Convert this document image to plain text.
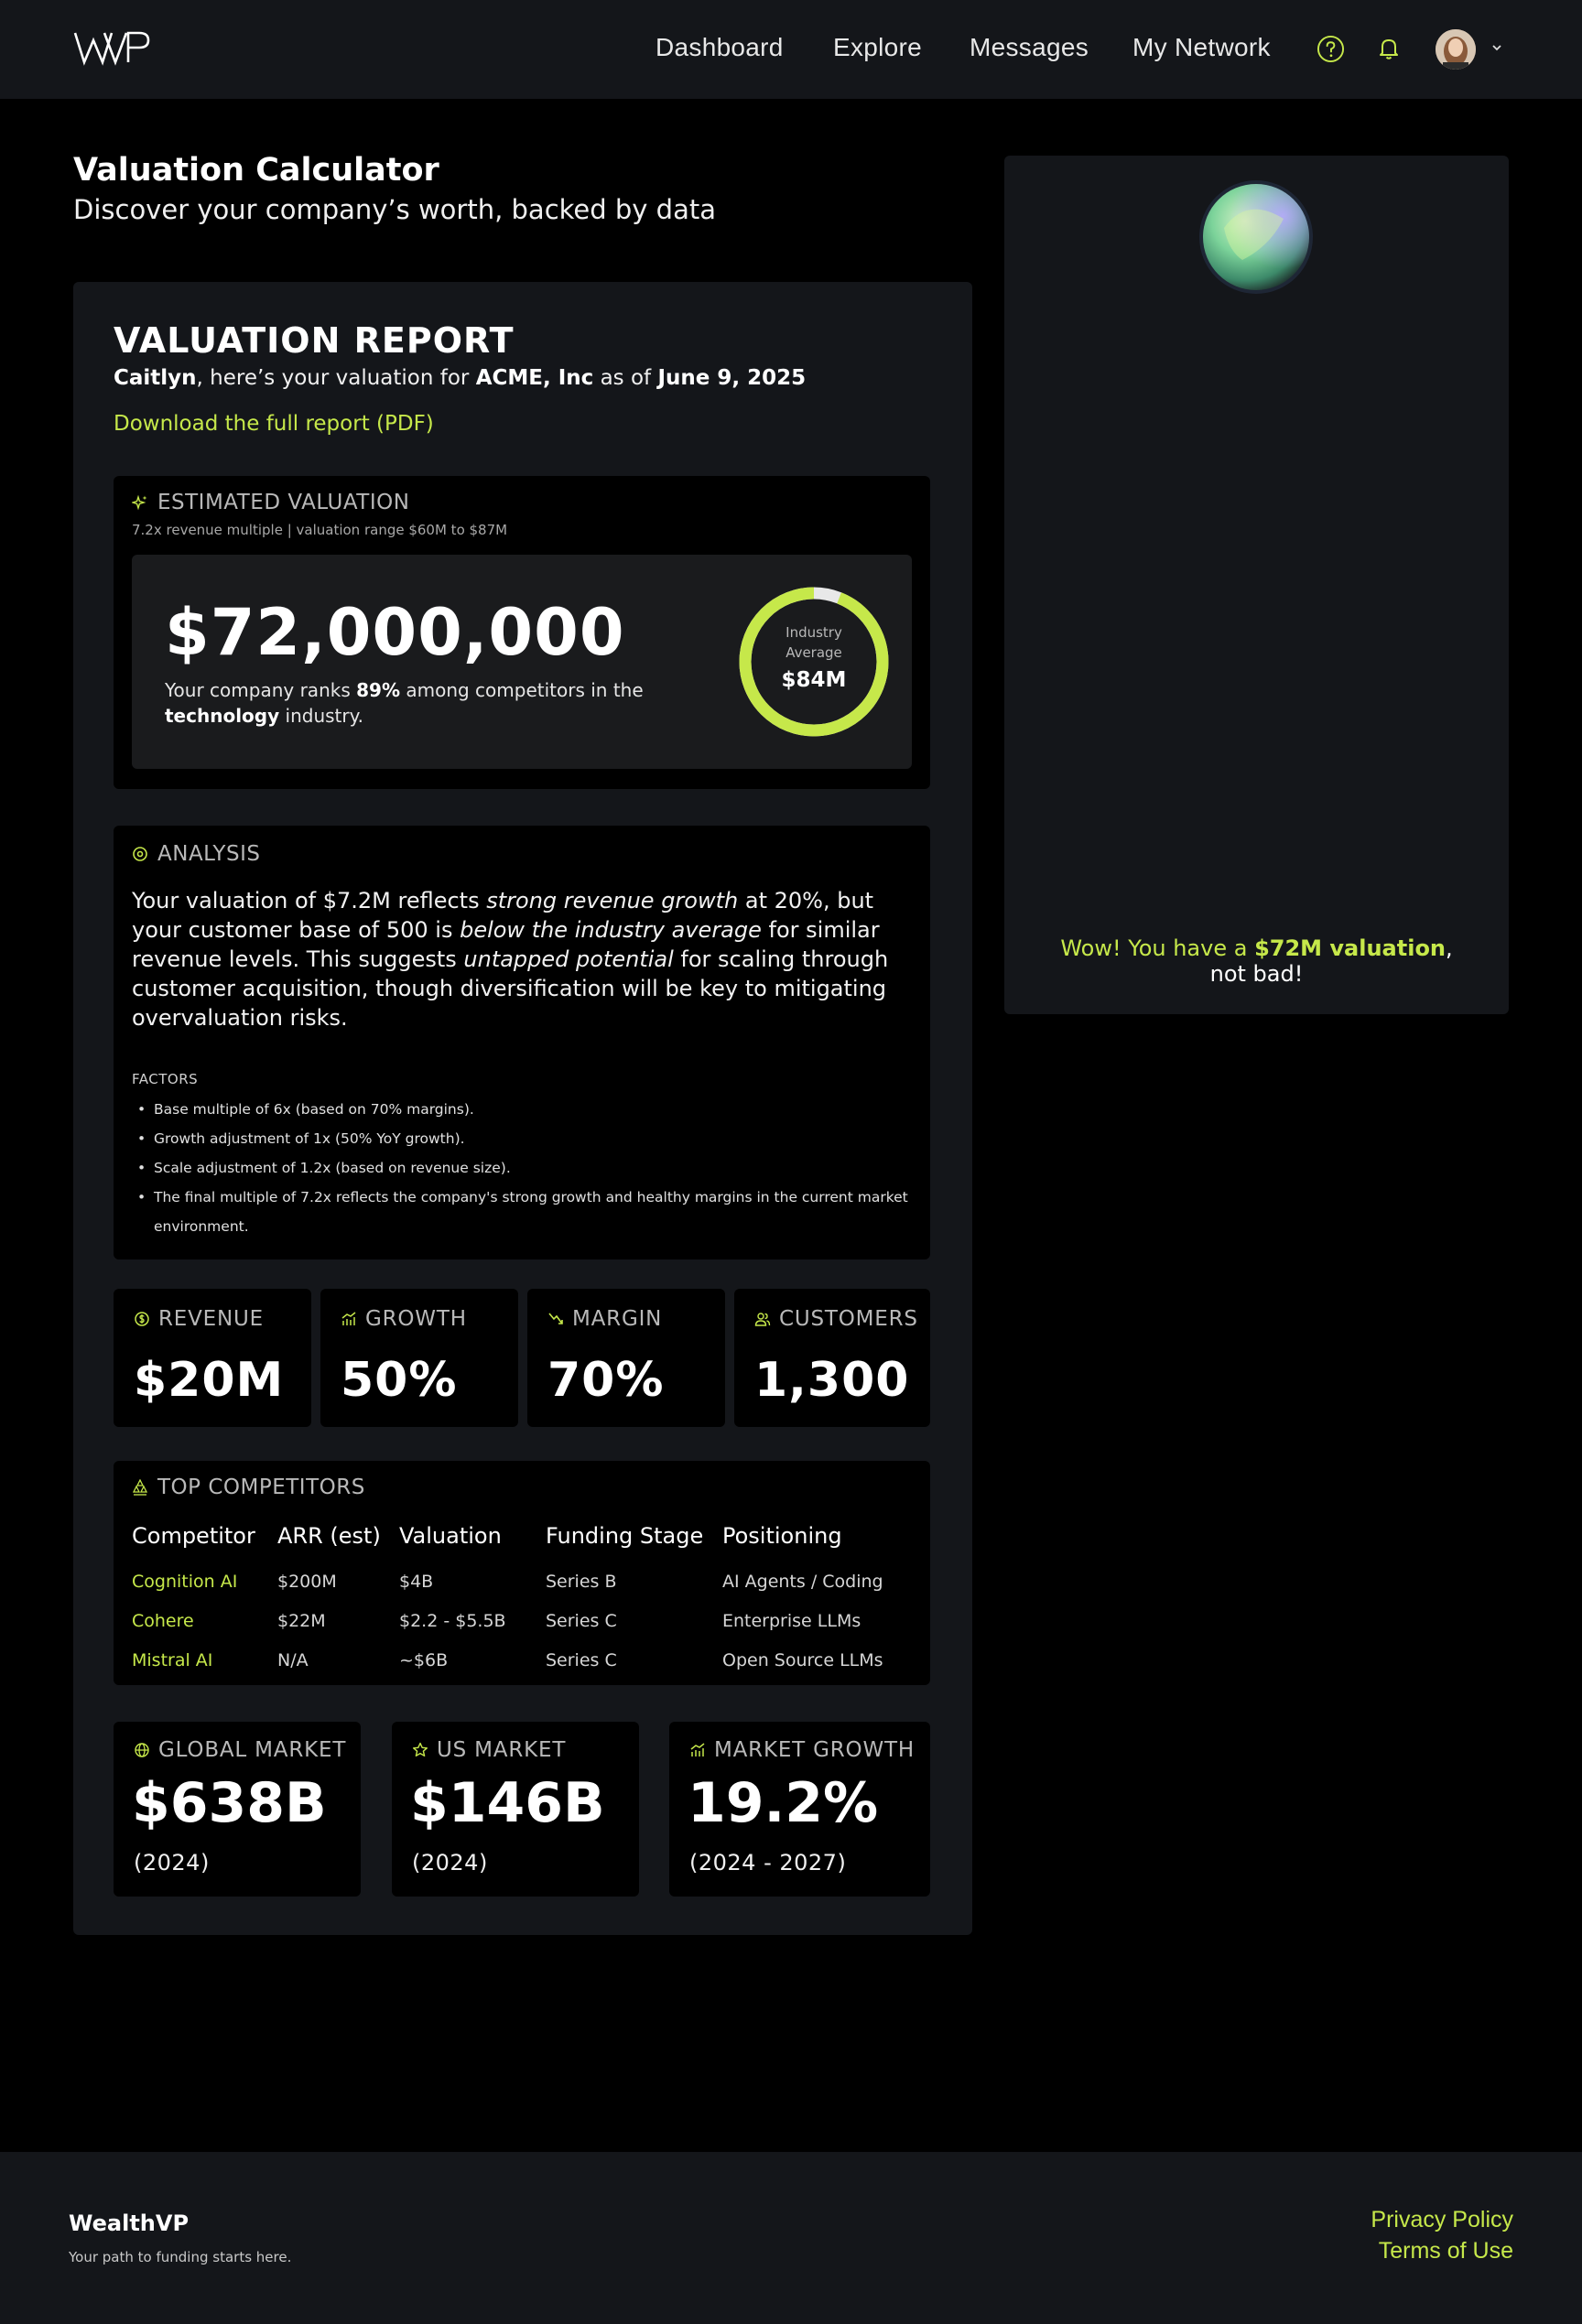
Dashboard Explore Messages My Network
Valuation Calculator
Discover your company’s worth, backed by data
VALUATION REPORT
Caitlyn, here’s your valuation for ACME, Inc as of June 9, 2025
Download the full report (PDF)
ESTIMATED VALUATION
7.2x revenue multiple | valuation range $60M to $87M
$72,000,000
Your company ranks 89% among competitors in the technology industry.
Industry
Average
$84M
ANALYSIS
Your valuation of $7.2M reflects strong revenue growth at 20%, but your customer base of 500 is below the industry average for similar revenue levels. This suggests untapped potential for scaling through customer acquisition, though diversification will be key to mitigating overvaluation risks.
FACTORS
• Base multiple of 6x (based on 70% margins).
• Growth adjustment of 1x (50% YoY growth).
• Scale adjustment of 1.2x (based on revenue size).
• The final multiple of 7.2x reflects the company's strong growth and healthy margins in the current market environment.
REVENUE
$20M
GROWTH
50%
MARGIN
70%
CUSTOMERS
1,300
TOP COMPETITORS
Competitor	ARR (est)	Valuation	Funding Stage	Positioning
Cognition AI	$200M	$4B	Series B	AI Agents / Coding
Cohere	$22M	$2.2 - $5.5B	Series C	Enterprise LLMs
Mistral AI	N/A	~$6B	Series C	Open Source LLMs
GLOBAL MARKET
$638B
(2024)
US MARKET
$146B
(2024)
MARKET GROWTH
19.2%
(2024 - 2027)
Wow! You have a $72M valuation, not bad!
WealthVP
Your path to funding starts here.
Privacy Policy
Terms of Use
